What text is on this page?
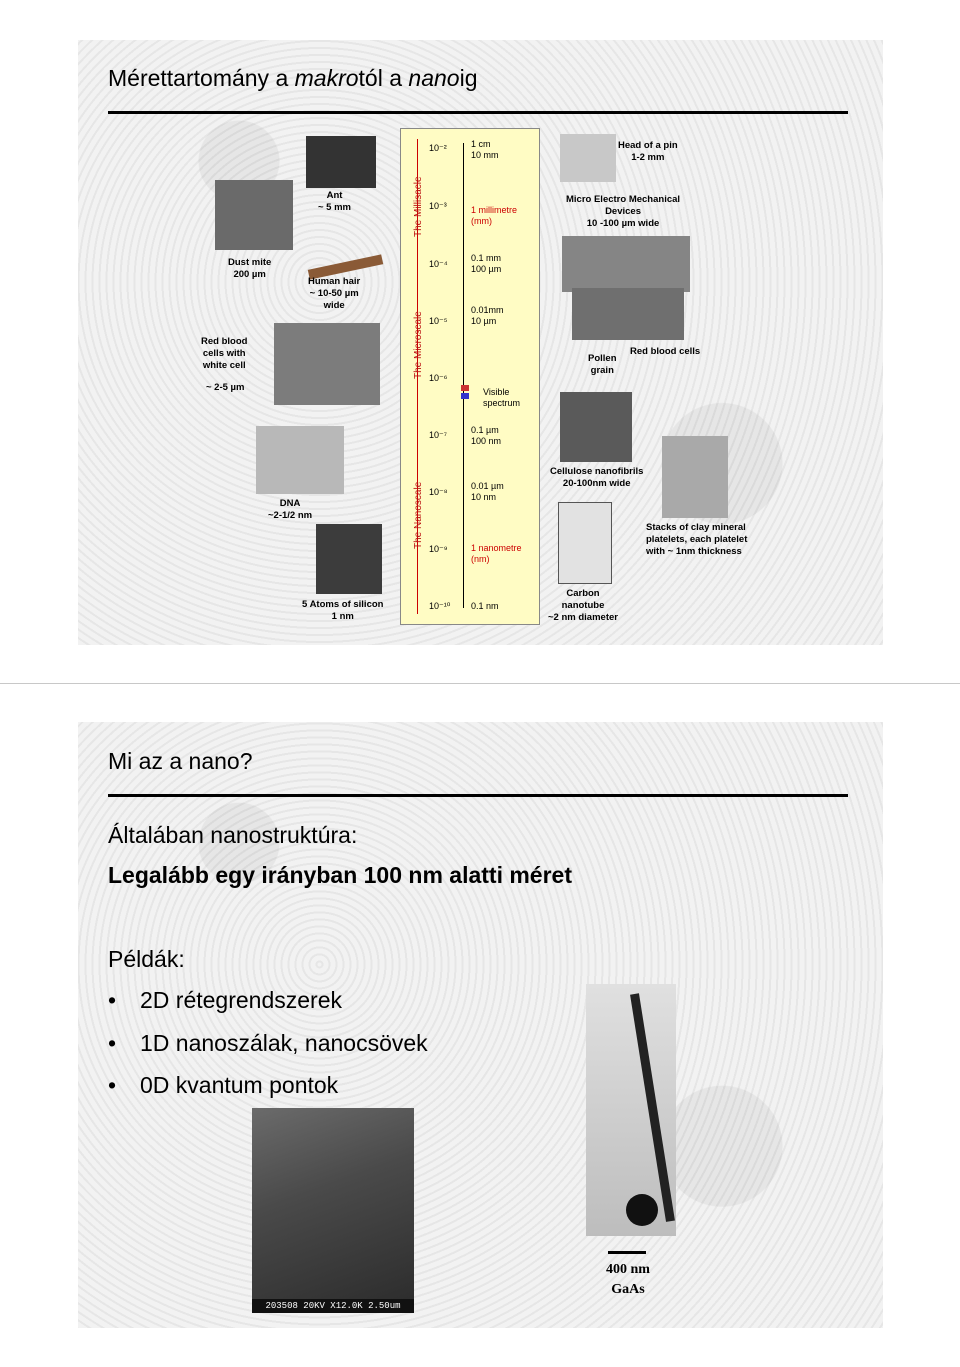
Mérettartomány a makrotól a nanoig
The Millisacle
The Microscale
The Nanoscale
10⁻²	1 cm
10 mm
10⁻³	1 millimetre
(mm)
10⁻⁴
0.1 mm
100 µm
10⁻⁵
0.01mm
10 µm
10⁻⁶
Visible
spectrum
10⁻⁷	0.1 µm
100 nm
10⁻⁸
0.01 µm
10 nm
10⁻⁹	1 nanometre
(nm)
10⁻¹⁰ 0.1 nm
Ant
~ 5 mm
Dust mite
200 µm
Human hair
~ 10-50 µm
wide
Red blood
cells with
white cell
~ 2-5 µm
DNA
~2-1/2 nm
5 Atoms of silicon
1 nm
Head of a pin
1-2 mm
Micro Electro Mechanical
Devices
10 -100 µm wide
Pollen
grain
Red blood cells
Cellulose nanofibrils
20-100nm wide
Stacks of clay mineral
platelets, each platelet
with ~ 1nm thickness
Carbon
nanotube
~2 nm diameter
Mi az a nano?
Általában nanostruktúra:
Legalább egy irányban 100 nm alatti méret
Példák:
• 2D rétegrendszerek
• 1D nanoszálak, nanocsövek
• 0D kvantum pontok
203508 20KV X12.0K 2.50um
400 nm
GaAs
